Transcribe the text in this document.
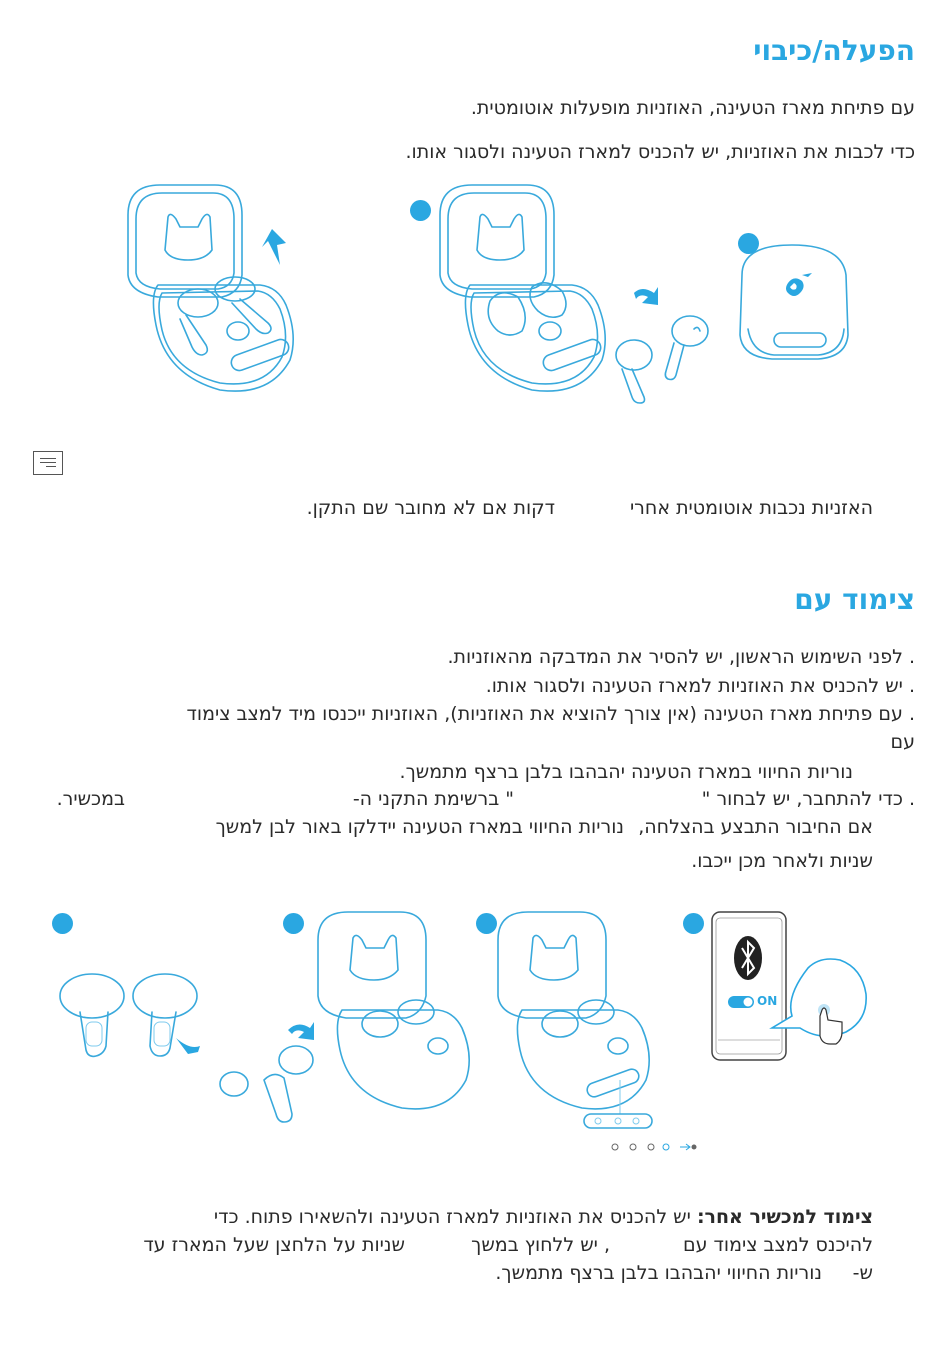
הפעלה/כיבוי
עם פתיחת מארז הטעינה, האוזניות מופעלות אוטומטית.
כדי לכבות את האוזניות, יש להכניס למארז הטעינה ולסגור אותו.
האזניות נכבות אוטומטית אחרי
דקות אם לא מחובר שם התקן.
צימוד עם
. לפני השימוש הראשון, יש להסיר את המדבקה מהאוזניות.
. יש להכניס את האוזניות למארז הטעינה ולסגור אותו.
. עם פתיחת מארז הטעינה (אין צורך להוציא את האוזניות), האוזניות ייכנסו מיד למצב צימוד
עם
נוריות החיווי במארז הטעינה יהבהבו בלבן ברצף מתמשך.
. כדי להתחבר, יש לבחור "
" ברשימת התקני ה-
במכשיר.
אם החיבור התבצע בהצלחה,
נוריות החיווי במארז הטעינה יידלקו באור לבן למשך
שניות ולאחר מכן ייכבו.
ON
צימוד למכשיר אחר: יש להכניס את האוזניות למארז הטעינה ולהשאירו פתוח. כדי
להיכנס למצב צימוד עם
, יש ללחוץ במשך
שניות על הלחצן שעל המארז עד
ש-
נוריות החיווי יהבהבו בלבן ברצף מתמשך.
